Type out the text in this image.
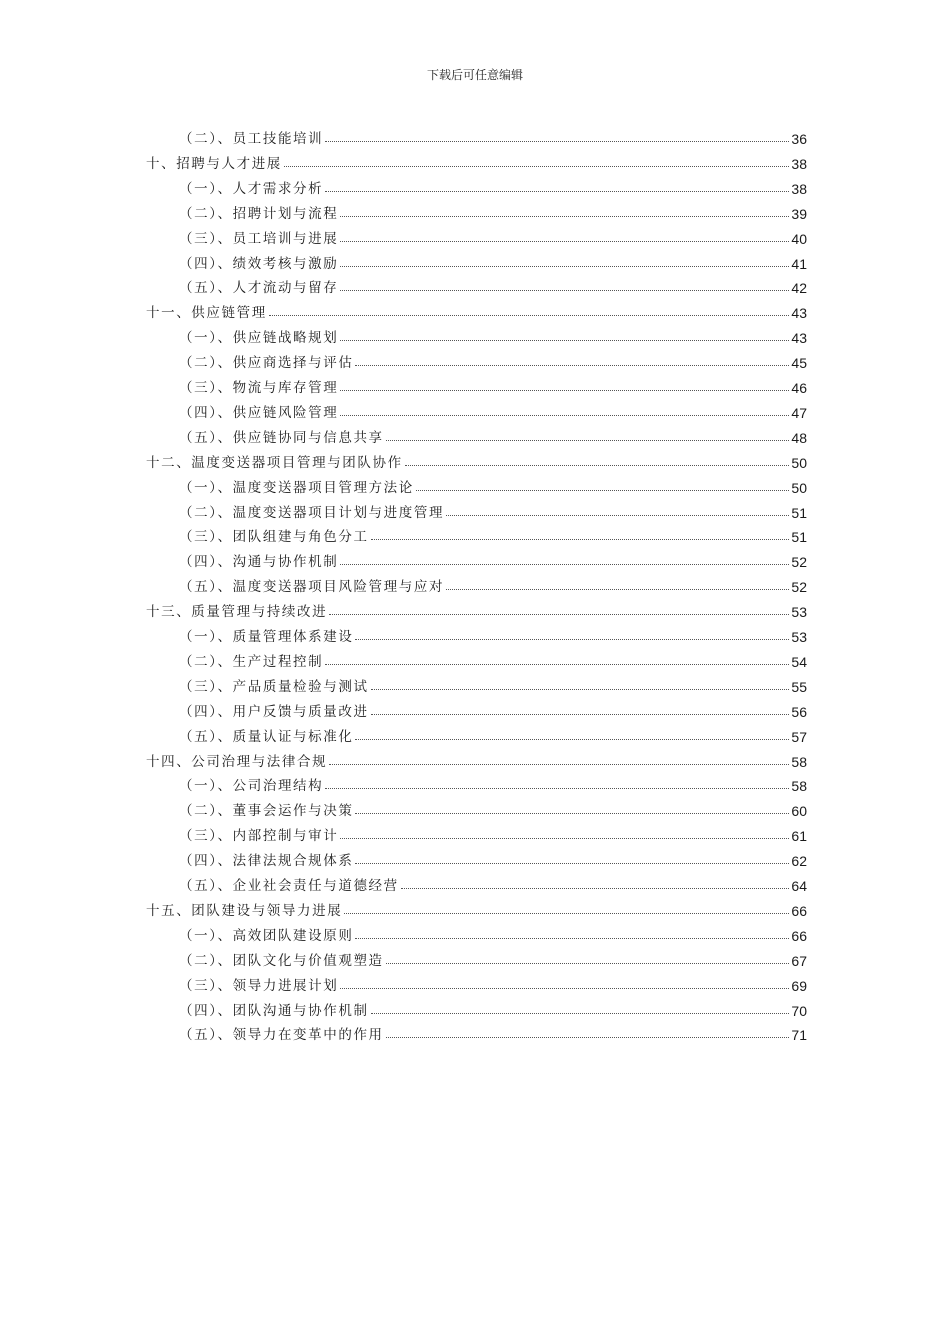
下载后可任意编辑
（二）、员工技能培训	36
十、招聘与人才进展	38
（一）、人才需求分析	38
（二）、招聘计划与流程	39
（三）、员工培训与进展	40
（四）、绩效考核与激励	41
（五）、人才流动与留存	42
十一、供应链管理	43
（一）、供应链战略规划	43
（二）、供应商选择与评估	45
（三）、物流与库存管理	46
（四）、供应链风险管理	47
（五）、供应链协同与信息共享	48
十二、温度变送器项目管理与团队协作	50
（一）、温度变送器项目管理方法论	50
（二）、温度变送器项目计划与进度管理	51
（三）、团队组建与角色分工	51
（四）、沟通与协作机制	52
（五）、温度变送器项目风险管理与应对	52
十三、质量管理与持续改进	53
（一）、质量管理体系建设	53
（二）、生产过程控制	54
（三）、产品质量检验与测试	55
（四）、用户反馈与质量改进	56
（五）、质量认证与标准化	57
十四、公司治理与法律合规	58
（一）、公司治理结构	58
（二）、董事会运作与决策	60
（三）、内部控制与审计	61
（四）、法律法规合规体系	62
（五）、企业社会责任与道德经营	64
十五、团队建设与领导力进展	66
（一）、高效团队建设原则	66
（二）、团队文化与价值观塑造	67
（三）、领导力进展计划	69
（四）、团队沟通与协作机制	70
（五）、领导力在变革中的作用	71
